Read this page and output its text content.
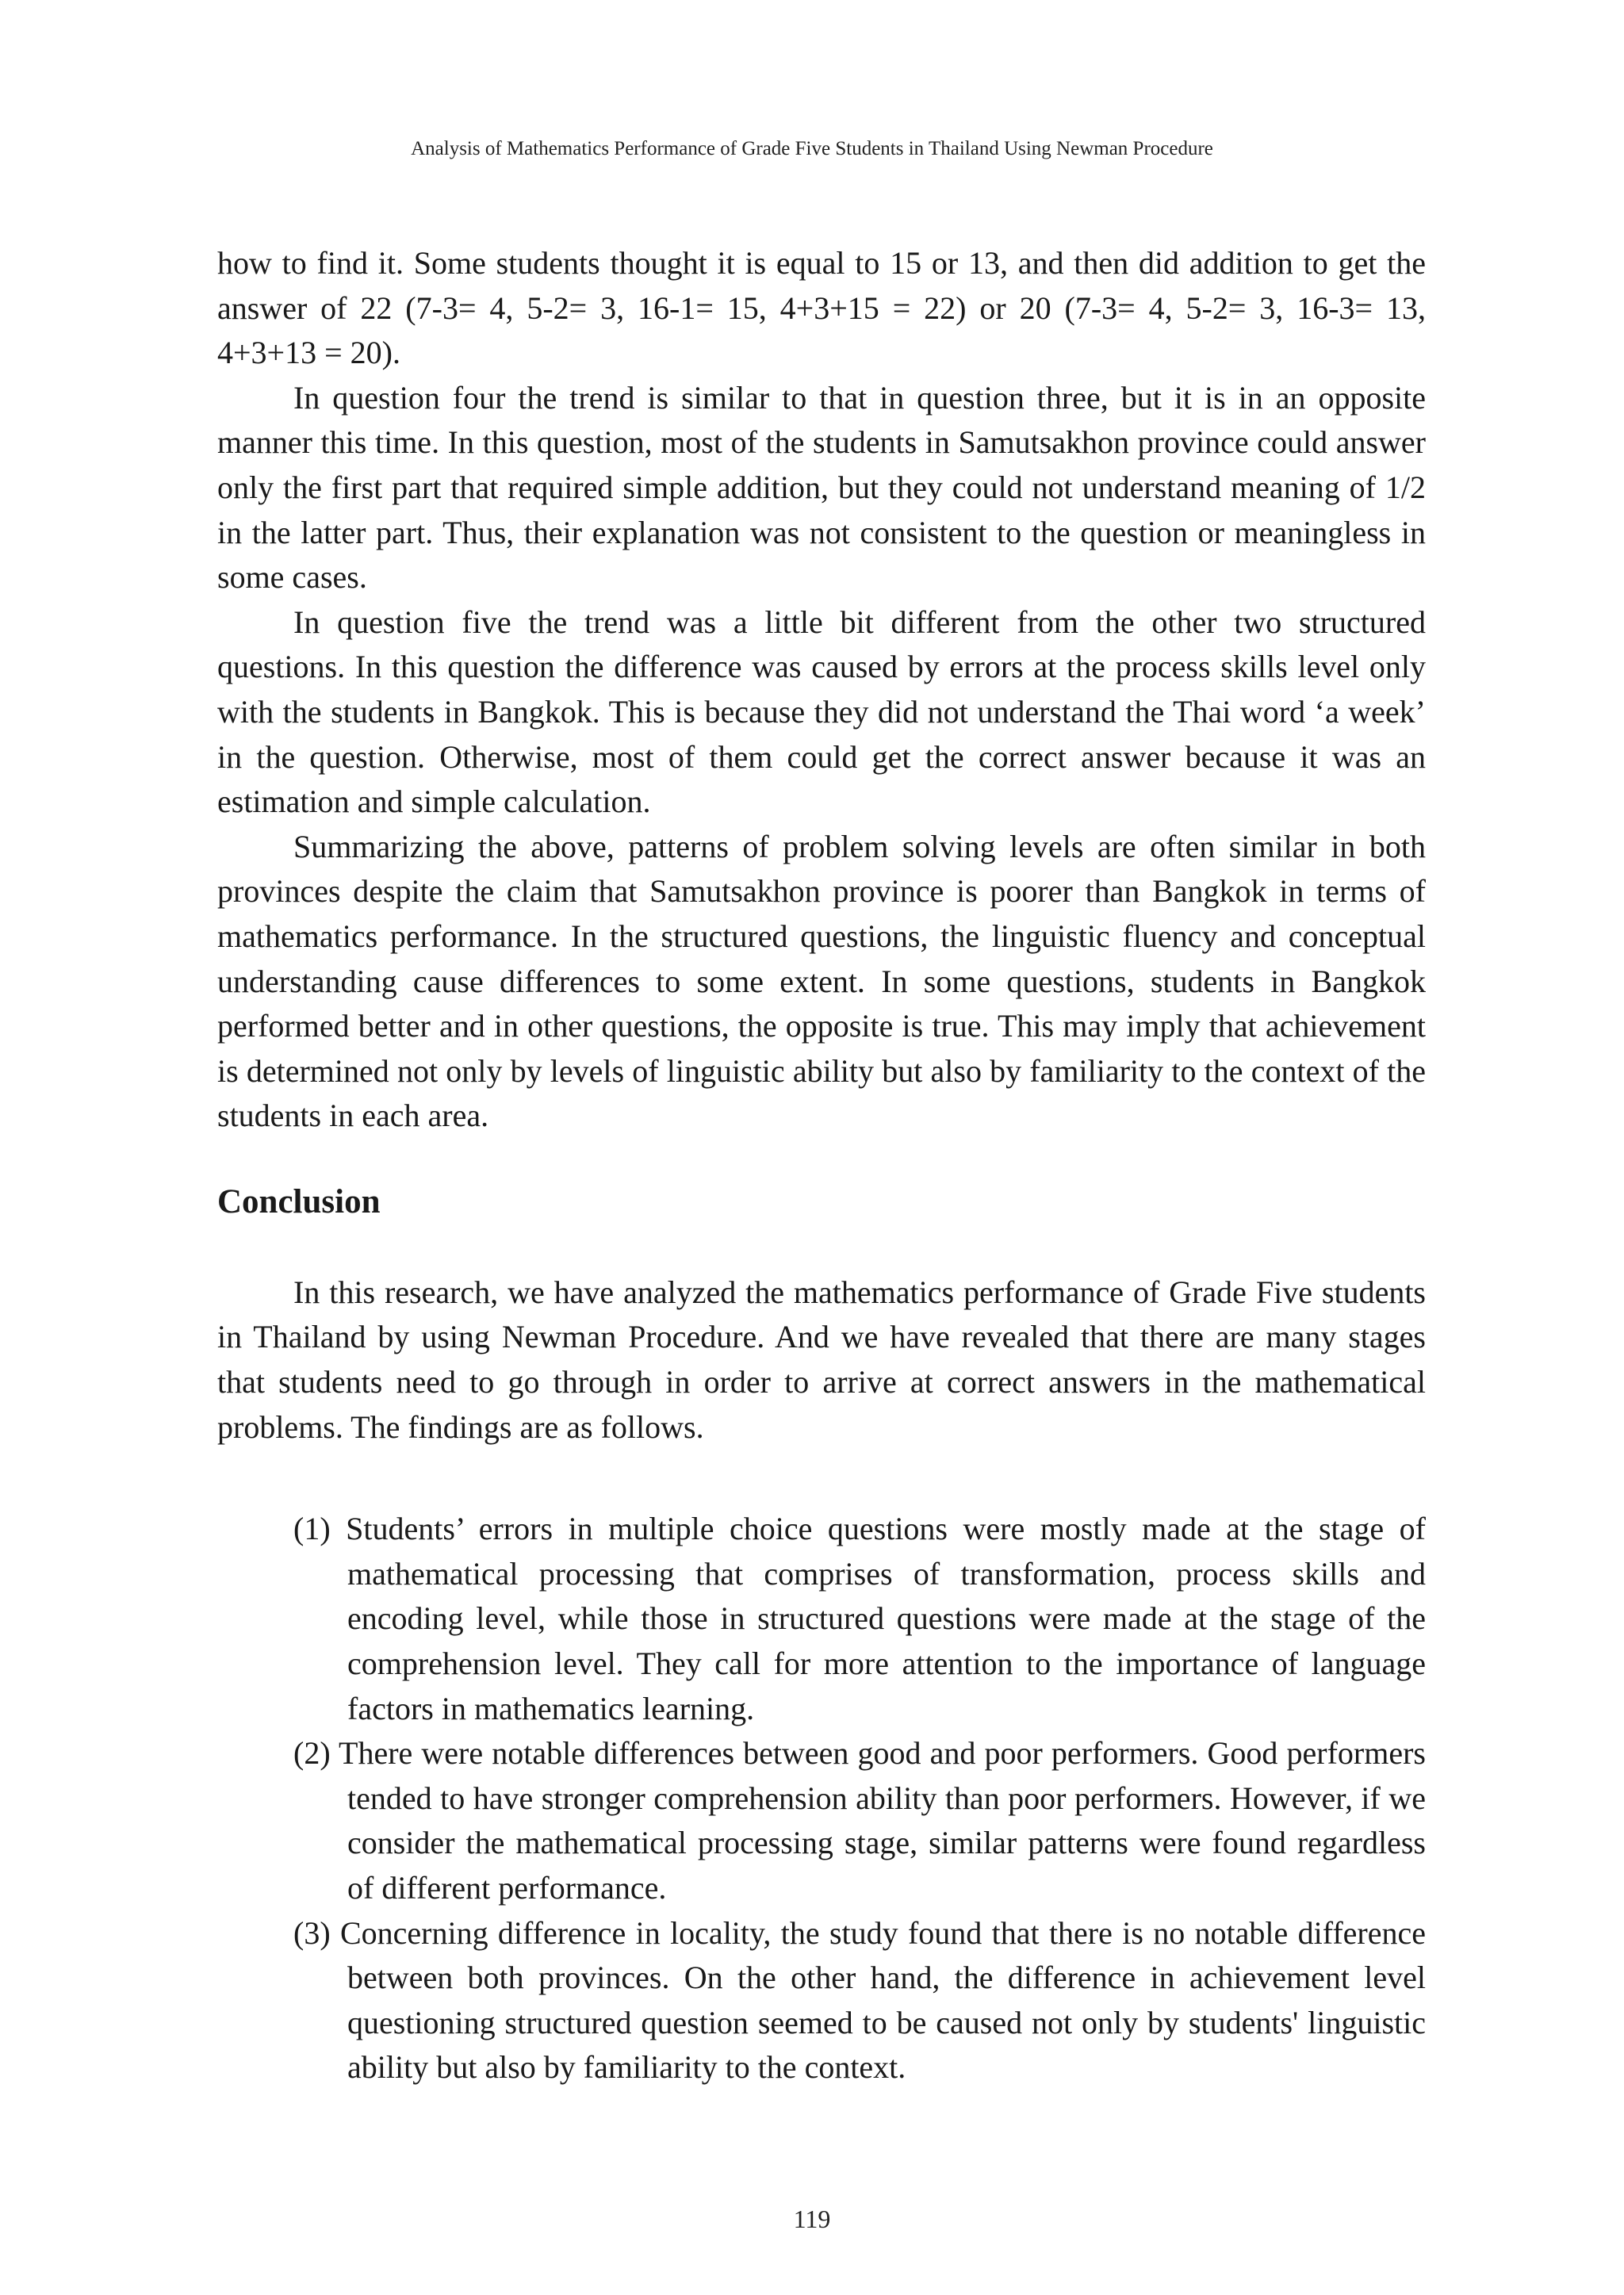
Analysis of Mathematics Performance of Grade Five Students in Thailand Using Newman Procedure

how to find it. Some students thought it is equal to 15 or 13, and then did addition to get the answer of 22 (7-3= 4, 5-2= 3, 16-1= 15, 4+3+15 = 22) or 20 (7-3= 4, 5-2= 3, 16-3= 13, 4+3+13 = 20).

In question four the trend is similar to that in question three, but it is in an opposite manner this time. In this question, most of the students in Samutsakhon province could answer only the first part that required simple addition, but they could not understand meaning of 1/2 in the latter part. Thus, their explanation was not consistent to the question or meaningless in some cases.

In question five the trend was a little bit different from the other two structured questions. In this question the difference was caused by errors at the process skills level only with the students in Bangkok. This is because they did not understand the Thai word ‘a week’ in the question. Otherwise, most of them could get the correct answer because it was an estimation and simple calculation.

Summarizing the above, patterns of problem solving levels are often similar in both provinces despite the claim that Samutsakhon province is poorer than Bangkok in terms of mathematics performance. In the structured questions, the linguistic fluency and conceptual understanding cause differences to some extent. In some questions, students in Bangkok performed better and in other questions, the opposite is true. This may imply that achievement is determined not only by levels of linguistic ability but also by familiarity to the context of the students in each area.

Conclusion

In this research, we have analyzed the mathematics performance of Grade Five students in Thailand by using Newman Procedure. And we have revealed that there are many stages that students need to go through in order to arrive at correct answers in the mathematical problems. The findings are as follows.

(1) Students’ errors in multiple choice questions were mostly made at the stage of mathematical processing that comprises of transformation, process skills and encoding level, while those in structured questions were made at the stage of the comprehension level. They call for more attention to the importance of language factors in mathematics learning.
(2) There were notable differences between good and poor performers. Good performers tended to have stronger comprehension ability than poor performers. However, if we consider the mathematical processing stage, similar patterns were found regardless of different performance.
(3) Concerning difference in locality, the study found that there is no notable difference between both provinces. On the other hand, the difference in achievement level questioning structured question seemed to be caused not only by students' linguistic ability but also by familiarity to the context.
119
